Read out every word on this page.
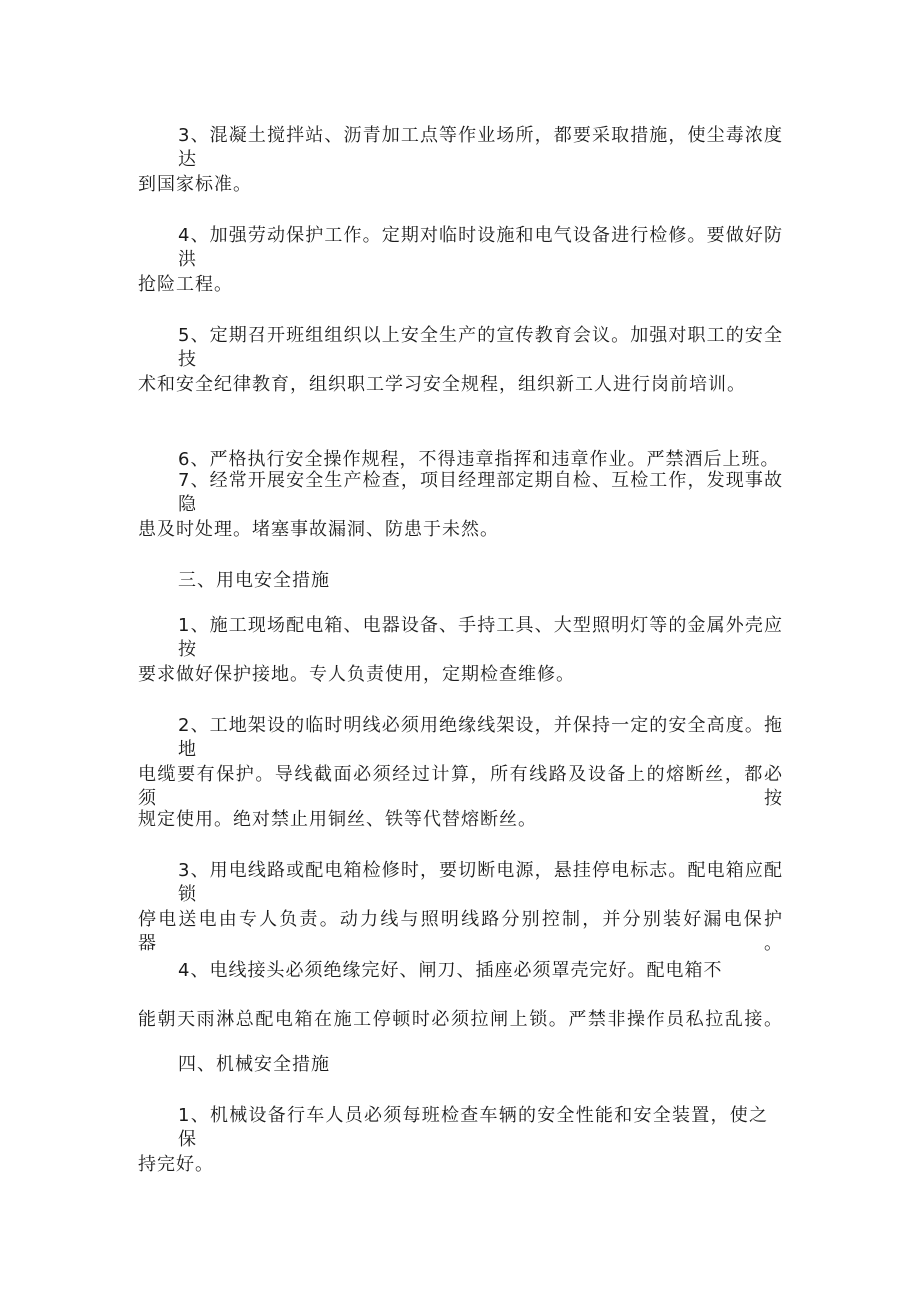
3、混凝土搅拌站、沥青加工点等作业场所，都要采取措施，使尘毒浓度达
到国家标准。
4、加强劳动保护工作。定期对临时设施和电气设备进行检修。要做好防洪
抢险工程。
5、定期召开班组组织以上安全生产的宣传教育会议。加强对职工的安全技
术和安全纪律教育，组织职工学习安全规程，组织新工人进行岗前培训。
6、严格执行安全操作规程，不得违章指挥和违章作业。严禁酒后上班。
7、经常开展安全生产检查，项目经理部定期自检、互检工作，发现事故隐
患及时处理。堵塞事故漏洞、防患于未然。
三、用电安全措施
1、施工现场配电箱、电器设备、手持工具、大型照明灯等的金属外壳应按
要求做好保护接地。专人负责使用，定期检查维修。
2、工地架设的临时明线必须用绝缘线架设，并保持一定的安全高度。拖地
电缆要有保护。导线截面必须经过计算，所有线路及设备上的熔断丝，都必须按
规定使用。绝对禁止用铜丝、铁等代替熔断丝。
3、用电线路或配电箱检修时，要切断电源，悬挂停电标志。配电箱应配锁
停电送电由专人负责。动力线与照明线路分别控制，并分别装好漏电保护器。
4、电线接头必须绝缘完好、闸刀、插座必须罩壳完好。配电箱不
能朝天雨淋总配电箱在施工停顿时必须拉闸上锁。严禁非操作员私拉乱接。
四、机械安全措施
1、机械设备行车人员必须每班检查车辆的安全性能和安全装置，使之保
持完好。
